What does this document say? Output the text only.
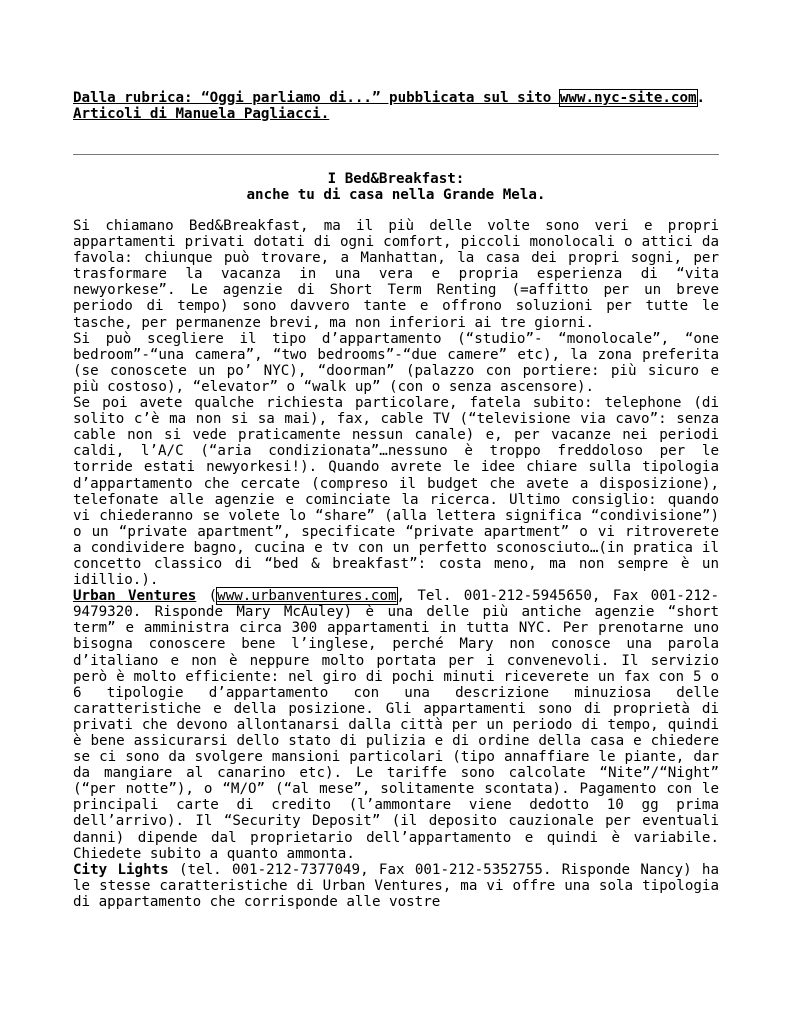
Dalla rubrica: “Oggi parliamo di...” pubblicata sul sito www.nyc-site.com.
Articoli di Manuela Pagliacci.
I Bed&Breakfast:
anche tu di casa nella Grande Mela.

Si chiamano Bed&Breakfast, ma il più delle volte sono veri e propri appartamenti privati dotati di ogni comfort, piccoli monolocali o attici da favola: chiunque può trovare, a Manhattan, la casa dei propri sogni, per trasformare la vacanza in una vera e propria esperienza di “vita newyorkese”. Le agenzie di Short Term Renting (=affitto per un breve periodo di tempo) sono davvero tante e offrono soluzioni per tutte le tasche, per permanenze brevi, ma non inferiori ai tre giorni.

Si può scegliere il tipo d’appartamento (“studio”- “monolocale”, “one bedroom”-“una camera”, “two bedrooms”-“due camere” etc), la zona preferita (se conoscete un po’ NYC), “doorman” (palazzo con portiere: più sicuro e più costoso), “elevator” o “walk up” (con o senza ascensore).

Se poi avete qualche richiesta particolare, fatela subito: telephone (di solito c’è ma non si sa mai), fax, cable TV (“televisione via cavo”: senza cable non si vede praticamente nessun canale) e, per vacanze nei periodi caldi, l’A/C (“aria condizionata”…nessuno è troppo freddoloso per le torride estati newyorkesi!). Quando avrete le idee chiare sulla tipologia d’appartamento che cercate (compreso il budget che avete a disposizione), telefonate alle agenzie e cominciate la ricerca. Ultimo consiglio: quando vi chiederanno se volete lo “share” (alla lettera significa “condivisione”) o un “private apartment”, specificate “private apartment” o vi ritroverete a condividere bagno, cucina e tv con un perfetto sconosciuto…(in pratica il concetto classico di “bed & breakfast”: costa meno, ma non sempre è un idillio.).

Urban Ventures (www.urbanventures.com, Tel. 001-212-5945650, Fax 001-212-9479320. Risponde Mary McAuley) è una delle più antiche agenzie “short term” e amministra circa 300 appartamenti in tutta NYC. Per prenotarne uno bisogna conoscere bene l’inglese, perché Mary non conosce una parola d’italiano e non è neppure molto portata per i convenevoli. Il servizio però è molto efficiente: nel giro di pochi minuti riceverete un fax con 5 o 6 tipologie d’appartamento con una descrizione minuziosa delle caratteristiche e della posizione. Gli appartamenti sono di proprietà di privati che devono allontanarsi dalla città per un periodo di tempo, quindi è bene assicurarsi dello stato di pulizia e di ordine della casa e chiedere se ci sono da svolgere mansioni particolari (tipo annaffiare le piante, dar da mangiare al canarino etc). Le tariffe sono calcolate “Nite”/“Night” (“per notte”), o “M/O” (“al mese”, solitamente scontata). Pagamento con le principali carte di credito (l’ammontare viene dedotto 10 gg prima dell’arrivo). Il “Security Deposit” (il deposito cauzionale per eventuali danni) dipende dal proprietario dell’appartamento e quindi è variabile. Chiedete subito a quanto ammonta.

City Lights (tel. 001-212-7377049, Fax 001-212-5352755. Risponde Nancy) ha le stesse caratteristiche di Urban Ventures, ma vi offre una sola tipologia di appartamento che corrisponde alle vostre
